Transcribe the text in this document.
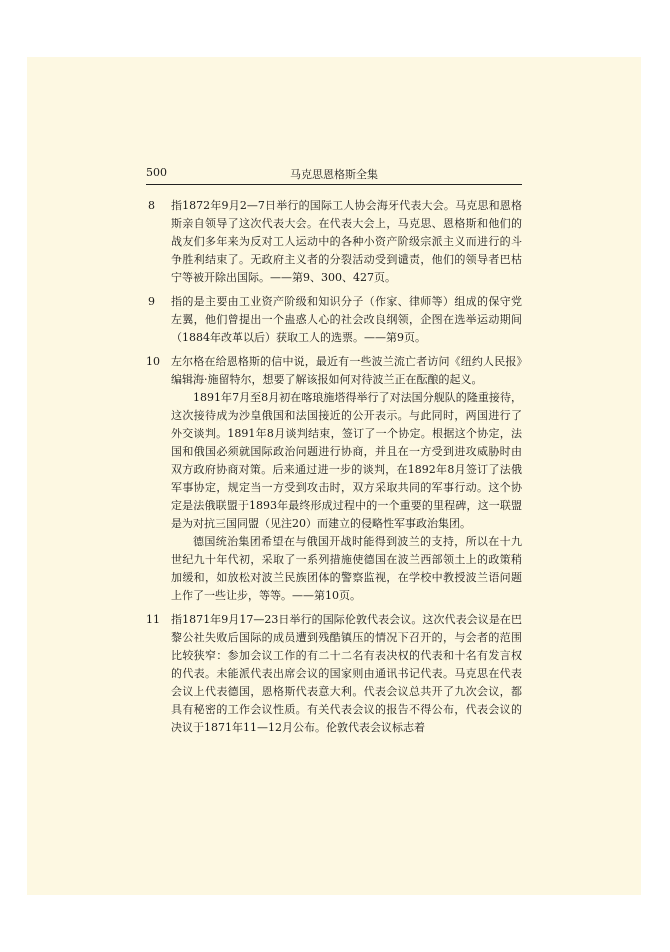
500	马克思恩格斯全集
8	指1872年9月2—7日举行的国际工人协会海牙代表大会。马克思和恩格斯亲自领导了这次代表大会。在代表大会上，马克思、恩格斯和他们的战友们多年来为反对工人运动中的各种小资产阶级宗派主义而进行的斗争胜利结束了。无政府主义者的分裂活动受到谴责，他们的领导者巴枯宁等被开除出国际。——第9、300、427页。

9	指的是主要由工业资产阶级和知识分子（作家、律师等）组成的保守党左翼，他们曾提出一个蛊惑人心的社会改良纲领，企图在选举运动期间（1884年改革以后）获取工人的选票。——第9页。

10	左尔格在给恩格斯的信中说，最近有一些波兰流亡者访问《纽约人民报》编辑海·施留特尔，想要了解该报如何对待波兰正在酝酿的起义。

1891年7月至8月初在喀琅施塔得举行了对法国分舰队的隆重接待，这次接待成为沙皇俄国和法国接近的公开表示。与此同时，两国进行了外交谈判。1891年8月谈判结束，签订了一个协定。根据这个协定，法国和俄国必须就国际政治问题进行协商，并且在一方受到进攻威胁时由双方政府协商对策。后来通过进一步的谈判，在1892年8月签订了法俄军事协定，规定当一方受到攻击时，双方采取共同的军事行动。这个协定是法俄联盟于1893年最终形成过程中的一个重要的里程碑，这一联盟是为对抗三国同盟（见注20）而建立的侵略性军事政治集团。

德国统治集团希望在与俄国开战时能得到波兰的支持，所以在十九世纪九十年代初，采取了一系列措施使德国在波兰西部领土上的政策稍加缓和，如放松对波兰民族团体的警察监视，在学校中教授波兰语问题上作了一些让步，等等。——第10页。

11	指1871年9月17—23日举行的国际伦敦代表会议。这次代表会议是在巴黎公社失败后国际的成员遭到残酷镇压的情况下召开的，与会者的范围比较狭窄：参加会议工作的有二十二名有表决权的代表和十名有发言权的代表。未能派代表出席会议的国家则由通讯书记代表。马克思在代表会议上代表德国，恩格斯代表意大利。代表会议总共开了九次会议，都具有秘密的工作会议性质。有关代表会议的报告不得公布，代表会议的决议于1871年11—12月公布。伦敦代表会议标志着
